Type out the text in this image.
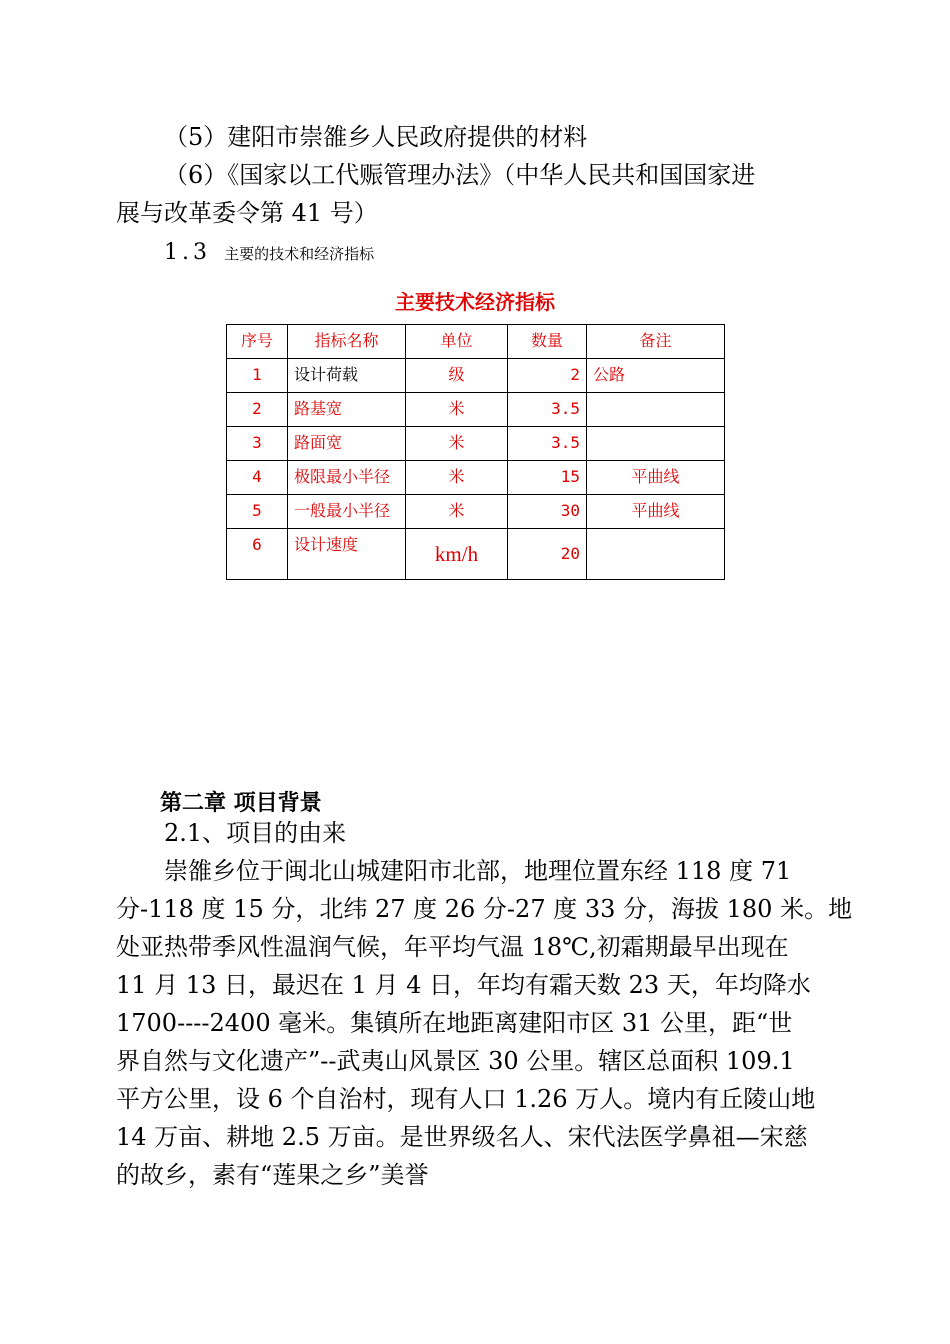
（5）建阳市崇雒乡人民政府提供的材料
（6）《国家以工代赈管理办法》（中华人民共和国国家进
展与改革委令第 41 号）
1.3 主要的技术和经济指标
主要技术经济指标
序号	指标名称	单位	数量	备注
1	设计荷载	级	2	公路
2	路基宽	米	3.5	
3	路面宽	米	3.5	
4	极限最小半径	米	15	平曲线
5	一般最小半径	米	30	平曲线
6	设计速度	km/h	20	
第二章 项目背景
2.1、项目的由来
崇雒乡位于闽北山城建阳市北部，地理位置东经 118 度 71
分-118 度 15 分，北纬 27 度 26 分-27 度 33 分，海拔 180 米。地
处亚热带季风性温润气候，年平均气温 18℃,初霜期最早出现在
11 月 13 日，最迟在 1 月 4 日，年均有霜天数 23 天，年均降水
1700----2400 毫米。集镇所在地距离建阳市区 31 公里，距“世
界自然与文化遗产”--武夷山风景区 30 公里。辖区总面积 109.1
平方公里，设 6 个自治村，现有人口 1.26 万人。境内有丘陵山地
14 万亩、耕地 2.5 万亩。是世界级名人、宋代法医学鼻祖—宋慈
的故乡，素有“莲果之乡”美誉
